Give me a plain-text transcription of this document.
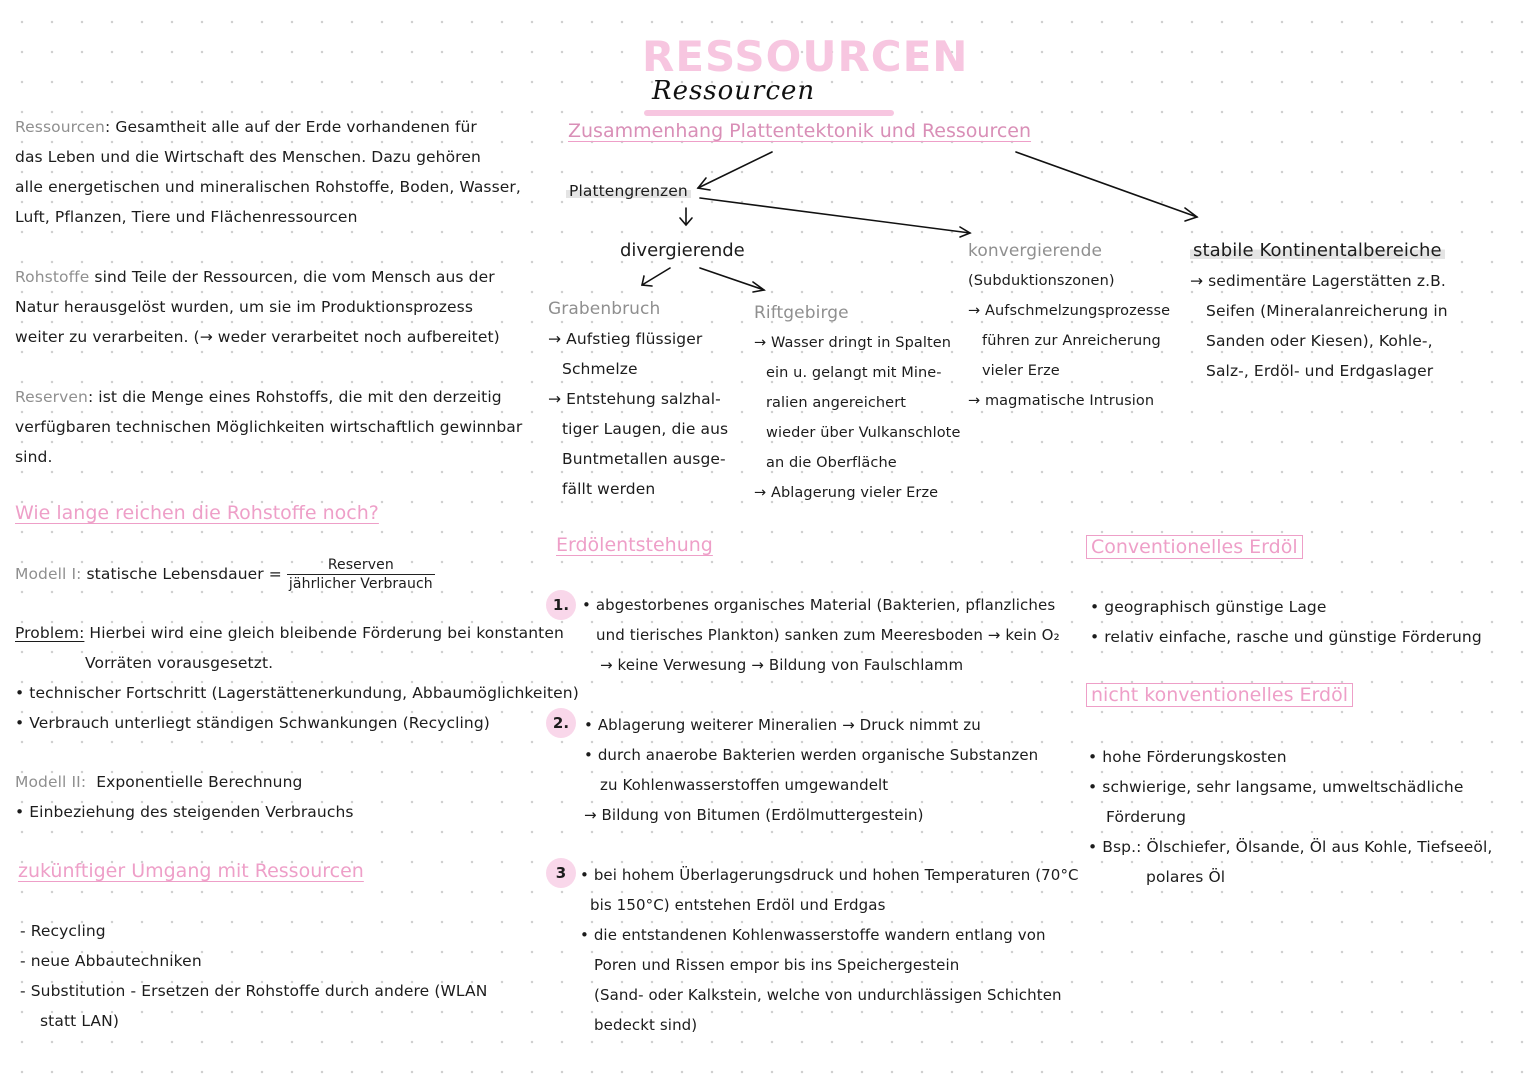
RESSOURCEN
Ressourcen
Ressourcen: Gesamtheit alle auf der Erde vorhandenen für
das Leben und die Wirtschaft des Menschen. Dazu gehören
alle energetischen und mineralischen Rohstoffe, Boden, Wasser,
Luft, Pflanzen, Tiere und Flächenressourcen
Rohstoffe sind Teile der Ressourcen, die vom Mensch aus der
Natur herausgelöst wurden, um sie im Produktionsprozess
weiter zu verarbeiten. (→ weder verarbeitet noch aufbereitet)
Reserven: ist die Menge eines Rohstoffs, die mit den derzeitig
verfügbaren technischen Möglichkeiten wirtschaftlich gewinnbar
sind.
Wie lange reichen die Rohstoffe noch?
Modell I: statische Lebensdauer = $\frac{\text{Reserven}}{\text{jährlicher Verbrauch}}$
Problem: Hierbei wird eine gleich bleibende Förderung bei konstanten
Vorräten vorausgesetzt.
• technischer Fortschritt (Lagerstättenerkundung, Abbaumöglichkeiten)
• Verbrauch unterliegt ständigen Schwankungen (Recycling)
Modell II: Exponentielle Berechnung
• Einbeziehung des steigenden Verbrauchs
zukünftiger Umgang mit Ressourcen
- Recycling
- neue Abbautechniken
- Substitution - Ersetzen der Rohstoffe durch andere (WLAN
statt LAN)
Zusammenhang Plattentektonik und Ressourcen
Plattengrenzen
divergierende
Grabenbruch
→ Aufstieg flüssiger
Schmelze
→ Entstehung salzhal-
tiger Laugen, die aus
Buntmetallen ausge-
fällt werden
Riftgebirge
→ Wasser dringt in Spalten
ein u. gelangt mit Mine-
ralien angereichert
wieder über Vulkanschlote
an die Oberfläche
→ Ablagerung vieler Erze
konvergierende
(Subduktionszonen)
→ Aufschmelzungsprozesse
führen zur Anreicherung
vieler Erze
→ magmatische Intrusion
stabile Kontinentalbereiche
→ sedimentäre Lagerstätten z.B.
Seifen (Mineralanreicherung in
Sanden oder Kiesen), Kohle-,
Salz-, Erdöl- und Erdgaslager
Erdölentstehung
1. • abgestorbenes organisches Material (Bakterien, pflanzliches
und tierisches Plankton) sanken zum Meeresboden → kein O₂
→ keine Verwesung → Bildung von Faulschlamm
2. • Ablagerung weiterer Mineralien → Druck nimmt zu
• durch anaerobe Bakterien werden organische Substanzen
zu Kohlenwasserstoffen umgewandelt
→ Bildung von Bitumen (Erdölmuttergestein)
3 • bei hohem Überlagerungsdruck und hohen Temperaturen (70°C
bis 150°C) entstehen Erdöl und Erdgas
• die entstandenen Kohlenwasserstoffe wandern entlang von
Poren und Rissen empor bis ins Speichergestein
(Sand- oder Kalkstein, welche von undurchlässigen Schichten
bedeckt sind)
Conventionelles Erdöl
• geographisch günstige Lage
• relativ einfache, rasche und günstige Förderung
nicht konventionelles Erdöl
• hohe Förderungskosten
• schwierige, sehr langsame, umweltschädliche
Förderung
• Bsp.: Ölschiefer, Ölsande, Öl aus Kohle, Tiefseeöl,
polares Öl
